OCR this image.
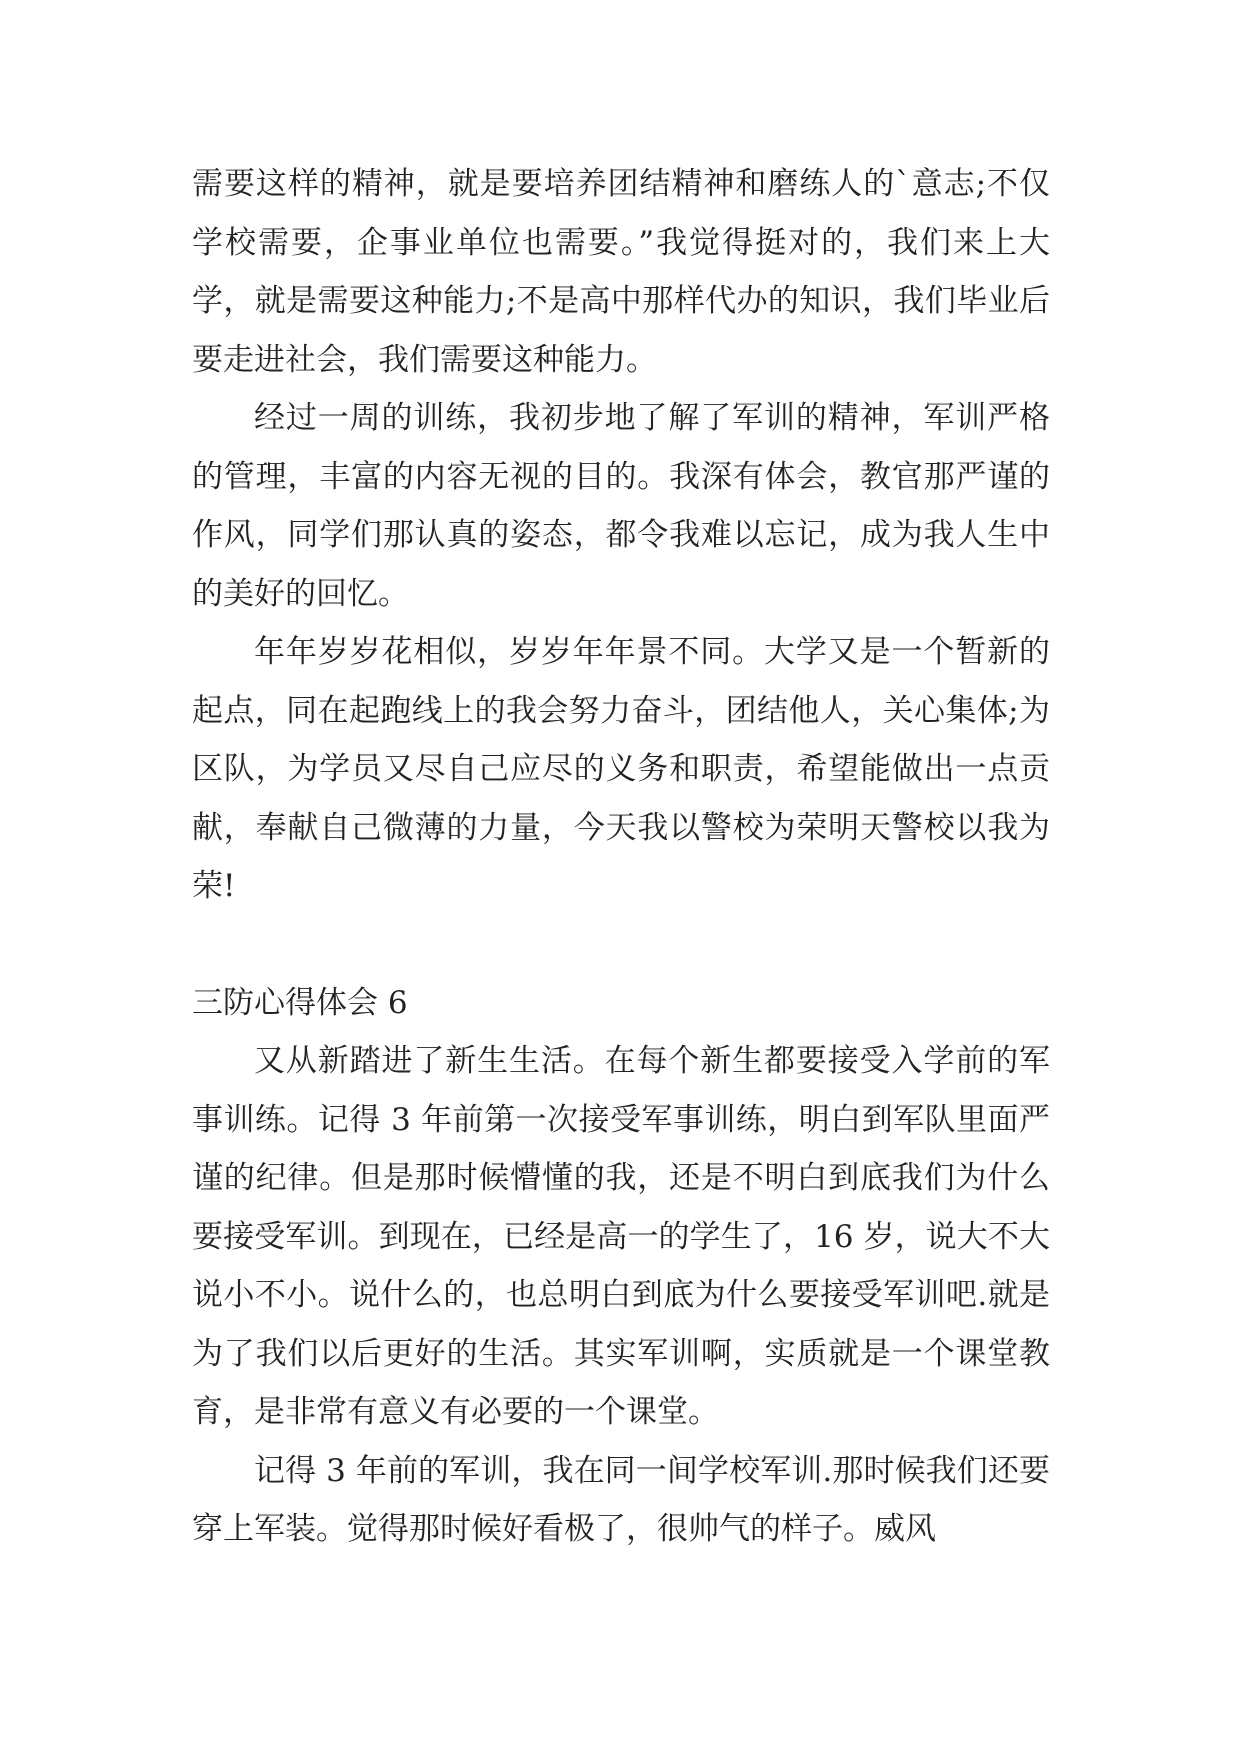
需要这样的精神，就是要培养团结精神和磨练人的`意志;不仅学校需要，企事业单位也需要。”我觉得挺对的，我们来上大学，就是需要这种能力;不是高中那样代办的知识，我们毕业后要走进社会，我们需要这种能力。

经过一周的训练，我初步地了解了军训的精神，军训严格的管理，丰富的内容无视的目的。我深有体会，教官那严谨的作风，同学们那认真的姿态，都令我难以忘记，成为我人生中的美好的回忆。

年年岁岁花相似，岁岁年年景不同。大学又是一个暂新的起点，同在起跑线上的我会努力奋斗，团结他人，关心集体;为区队，为学员又尽自己应尽的义务和职责，希望能做出一点贡献，奉献自己微薄的力量，今天我以警校为荣明天警校以我为荣!

三防心得体会 6

又从新踏进了新生生活。在每个新生都要接受入学前的军事训练。记得 3 年前第一次接受军事训练，明白到军队里面严谨的纪律。但是那时候懵懂的我，还是不明白到底我们为什么要接受军训。到现在，已经是高一的学生了，16 岁，说大不大说小不小。说什么的，也总明白到底为什么要接受军训吧.就是为了我们以后更好的生活。其实军训啊，实质就是一个课堂教育，是非常有意义有必要的一个课堂。

记得 3 年前的军训，我在同一间学校军训.那时候我们还要穿上军装。觉得那时候好看极了，很帅气的样子。威风
